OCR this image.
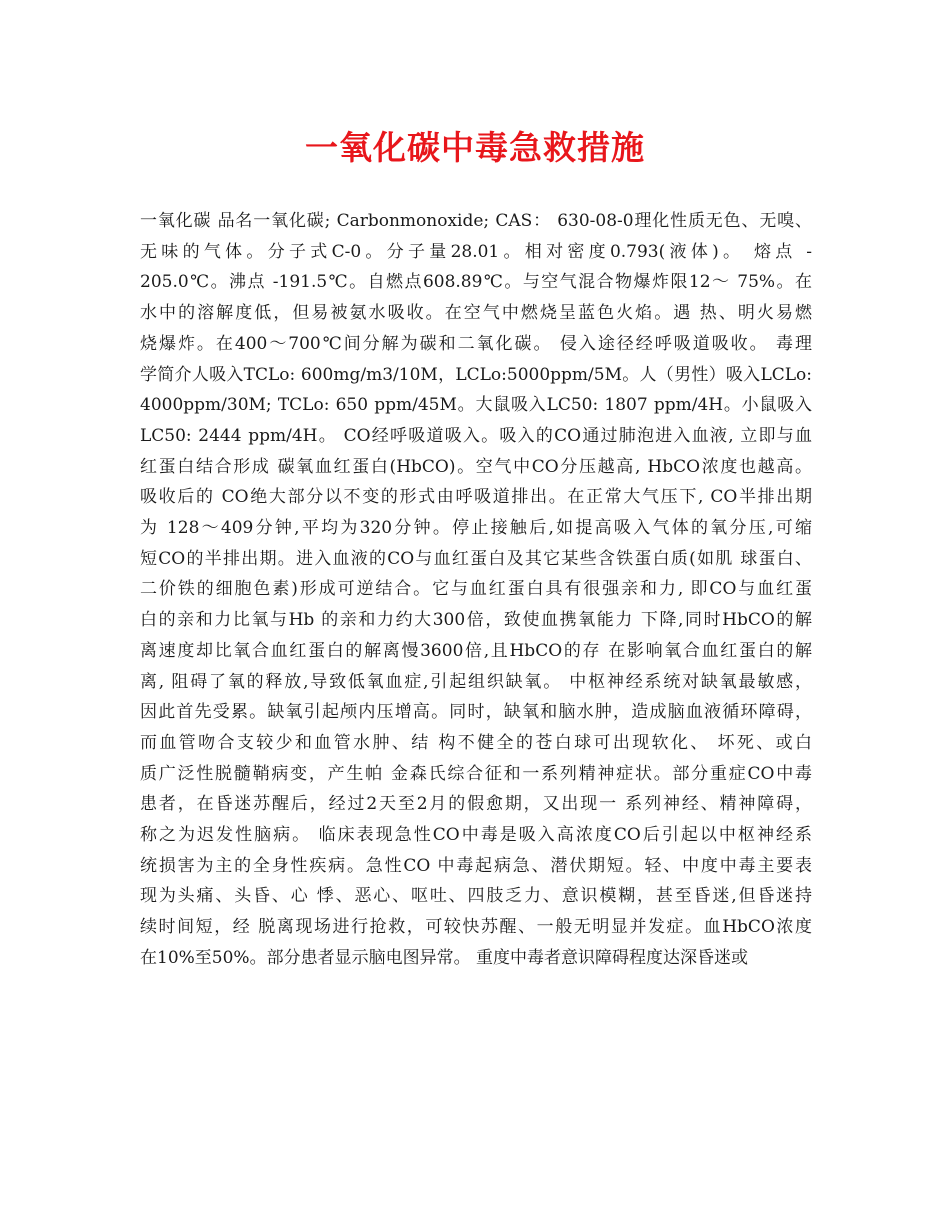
一氧化碳中毒急救措施
一氧化碳 品名一氧化碳; Carbonmonoxide; CAS： 630-08-0理化性质无色、无嗅、
无味的气体。分子式C-0。分子量28.01。相对密度0.793(液体)。 熔点 -
205.0℃。沸点 -191.5℃。自燃点608.89℃。与空气混合物爆炸限12～ 75%。在
水中的溶解度低，但易被氨水吸收。在空气中燃烧呈蓝色火焰。遇 热、明火易燃
烧爆炸。在400～700℃间分解为碳和二氧化碳。 侵入途径经呼吸道吸收。 毒理
学简介人吸入TCLo: 600mg/m3/10M，LCLo:5000ppm/5M。人（男性）吸入LCLo:
4000ppm/30M; TCLo: 650 ppm/45M。大鼠吸入LC50: 1807 ppm/4H。小鼠吸入
LC50: 2444 ppm/4H。 CO经呼吸道吸入。吸入的CO通过肺泡进入血液, 立即与血
红蛋白结合形成 碳氧血红蛋白(HbCO)。空气中CO分压越高, HbCO浓度也越高。
吸收后的 CO绝大部分以不变的形式由呼吸道排出。在正常大气压下, CO半排出期
为 128～409分钟,平均为320分钟。停止接触后,如提高吸入气体的氧分压,可缩
短CO的半排出期。进入血液的CO与血红蛋白及其它某些含铁蛋白质(如肌 球蛋白、
二价铁的细胞色素)形成可逆结合。它与血红蛋白具有很强亲和力, 即CO与血红蛋
白的亲和力比氧与Hb 的亲和力约大300倍，致使血携氧能力 下降,同时HbCO的解
离速度却比氧合血红蛋白的解离慢3600倍,且HbCO的存 在影响氧合血红蛋白的解
离, 阻碍了氧的释放,导致低氧血症,引起组织缺氧。 中枢神经系统对缺氧最敏感，
因此首先受累。缺氧引起颅内压增高。同时，缺氧和脑水肿，造成脑血液循环障碍，
而血管吻合支较少和血管水肿、结 构不健全的苍白球可出现软化、 坏死、或白
质广泛性脱髓鞘病变，产生帕 金森氏综合征和一系列精神症状。部分重症CO中毒
患者，在昏迷苏醒后，经过2天至2月的假愈期，又出现一 系列神经、精神障碍，
称之为迟发性脑病。 临床表现急性CO中毒是吸入高浓度CO后引起以中枢神经系
统损害为主的全身性疾病。急性CO 中毒起病急、潜伏期短。轻、中度中毒主要表
现为头痛、头昏、心 悸、恶心、呕吐、四肢乏力、意识模糊，甚至昏迷,但昏迷持
续时间短，经 脱离现场进行抢救，可较快苏醒、一般无明显并发症。血HbCO浓度
在10%至50%。部分患者显示脑电图异常。 重度中毒者意识障碍程度达深昏迷或
